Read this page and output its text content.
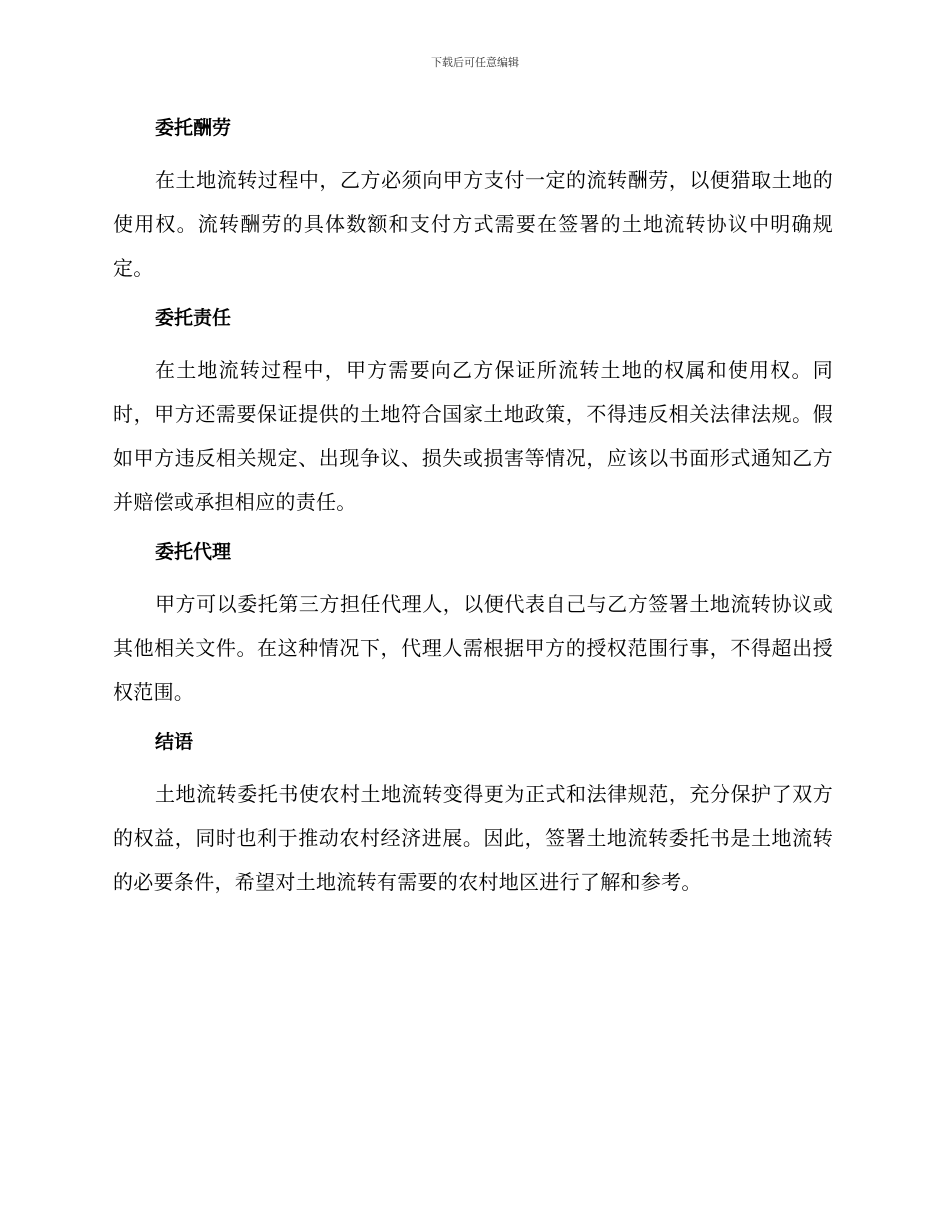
下载后可任意编辑
委托酬劳

在土地流转过程中，乙方必须向甲方支付一定的流转酬劳，以便猎取土地的使用权。流转酬劳的具体数额和支付方式需要在签署的土地流转协议中明确规定。

委托责任

在土地流转过程中，甲方需要向乙方保证所流转土地的权属和使用权。同时，甲方还需要保证提供的土地符合国家土地政策，不得违反相关法律法规。假如甲方违反相关规定、出现争议、损失或损害等情况，应该以书面形式通知乙方并赔偿或承担相应的责任。

委托代理

甲方可以委托第三方担任代理人，以便代表自己与乙方签署土地流转协议或其他相关文件。在这种情况下，代理人需根据甲方的授权范围行事，不得超出授权范围。

结语

土地流转委托书使农村土地流转变得更为正式和法律规范，充分保护了双方的权益，同时也利于推动农村经济进展。因此，签署土地流转委托书是土地流转的必要条件，希望对土地流转有需要的农村地区进行了解和参考。
